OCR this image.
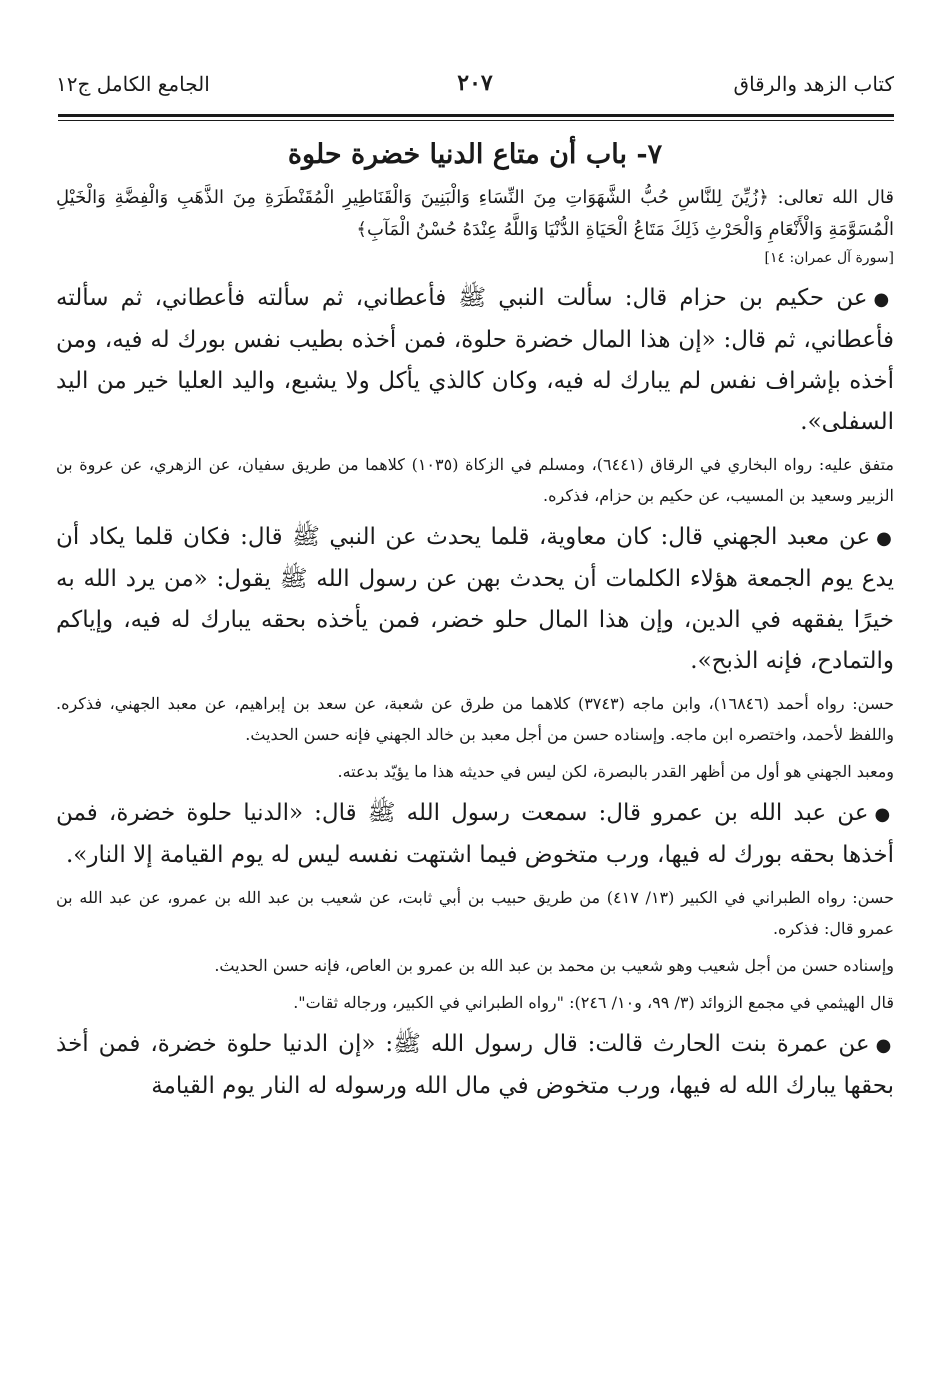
كتاب الزهد والرقاق
٢٠٧
الجامع الكامل ج١٢
٧- باب أن متاع الدنيا خضرة حلوة

قال الله تعالى: ﴿زُيِّنَ لِلنَّاسِ حُبُّ الشَّهَوَاتِ مِنَ النِّسَاءِ وَالْبَنِينَ وَالْقَنَاطِيرِ الْمُقَنْطَرَةِ مِنَ الذَّهَبِ وَالْفِضَّةِ وَالْخَيْلِ الْمُسَوَّمَةِ وَالْأَنْعَامِ وَالْحَرْثِ ذَلِكَ مَتَاعُ الْحَيَاةِ الدُّنْيَا وَاللَّهُ عِنْدَهُ حُسْنُ الْمَآبِ﴾

[سورة آل عمران: ١٤]

●عن حكيم بن حزام قال: سألت النبي ﷺ فأعطاني، ثم سألته فأعطاني، ثم سألته فأعطاني، ثم قال: «إن هذا المال خضرة حلوة، فمن أخذه بطيب نفس بورك له فيه، ومن أخذه بإشراف نفس لم يبارك له فيه، وكان كالذي يأكل ولا يشبع، واليد العليا خير من اليد السفلى».

متفق عليه: رواه البخاري في الرقاق (٦٤٤١)، ومسلم في الزكاة (١٠٣٥) كلاهما من طريق سفيان، عن الزهري، عن عروة بن الزبير وسعيد بن المسيب، عن حكيم بن حزام، فذكره.

●عن معبد الجهني قال: كان معاوية، قلما يحدث عن النبي ﷺ قال: فكان قلما يكاد أن يدع يوم الجمعة هؤلاء الكلمات أن يحدث بهن عن رسول الله ﷺ يقول: «من يرد الله به خيرًا يفقهه في الدين، وإن هذا المال حلو خضر، فمن يأخذه بحقه يبارك له فيه، وإياكم والتمادح، فإنه الذبح».

حسن: رواه أحمد (١٦٨٤٦)، وابن ماجه (٣٧٤٣) كلاهما من طرق عن شعبة، عن سعد بن إبراهيم، عن معبد الجهني، فذكره. واللفظ لأحمد، واختصره ابن ماجه. وإسناده حسن من أجل معبد بن خالد الجهني فإنه حسن الحديث.

ومعبد الجهني هو أول من أظهر القدر بالبصرة، لكن ليس في حديثه هذا ما يؤيّد بدعته.

●عن عبد الله بن عمرو قال: سمعت رسول الله ﷺ قال: «الدنيا حلوة خضرة، فمن أخذها بحقه بورك له فيها، ورب متخوض فيما اشتهت نفسه ليس له يوم القيامة إلا النار».

حسن: رواه الطبراني في الكبير (١٣/ ٤١٧) من طريق حبيب بن أبي ثابت، عن شعيب بن عبد الله بن عمرو، عن عبد الله بن عمرو قال: فذكره.

وإسناده حسن من أجل شعيب وهو شعيب بن محمد بن عبد الله بن عمرو بن العاص، فإنه حسن الحديث.

قال الهيثمي في مجمع الزوائد (٣/ ٩٩، و١٠/ ٢٤٦): "رواه الطبراني في الكبير، ورجاله ثقات".

●عن عمرة بنت الحارث قالت: قال رسول الله ﷺ: «إن الدنيا حلوة خضرة، فمن أخذ بحقها يبارك الله له فيها، ورب متخوض في مال الله ورسوله له النار يوم القيامة
